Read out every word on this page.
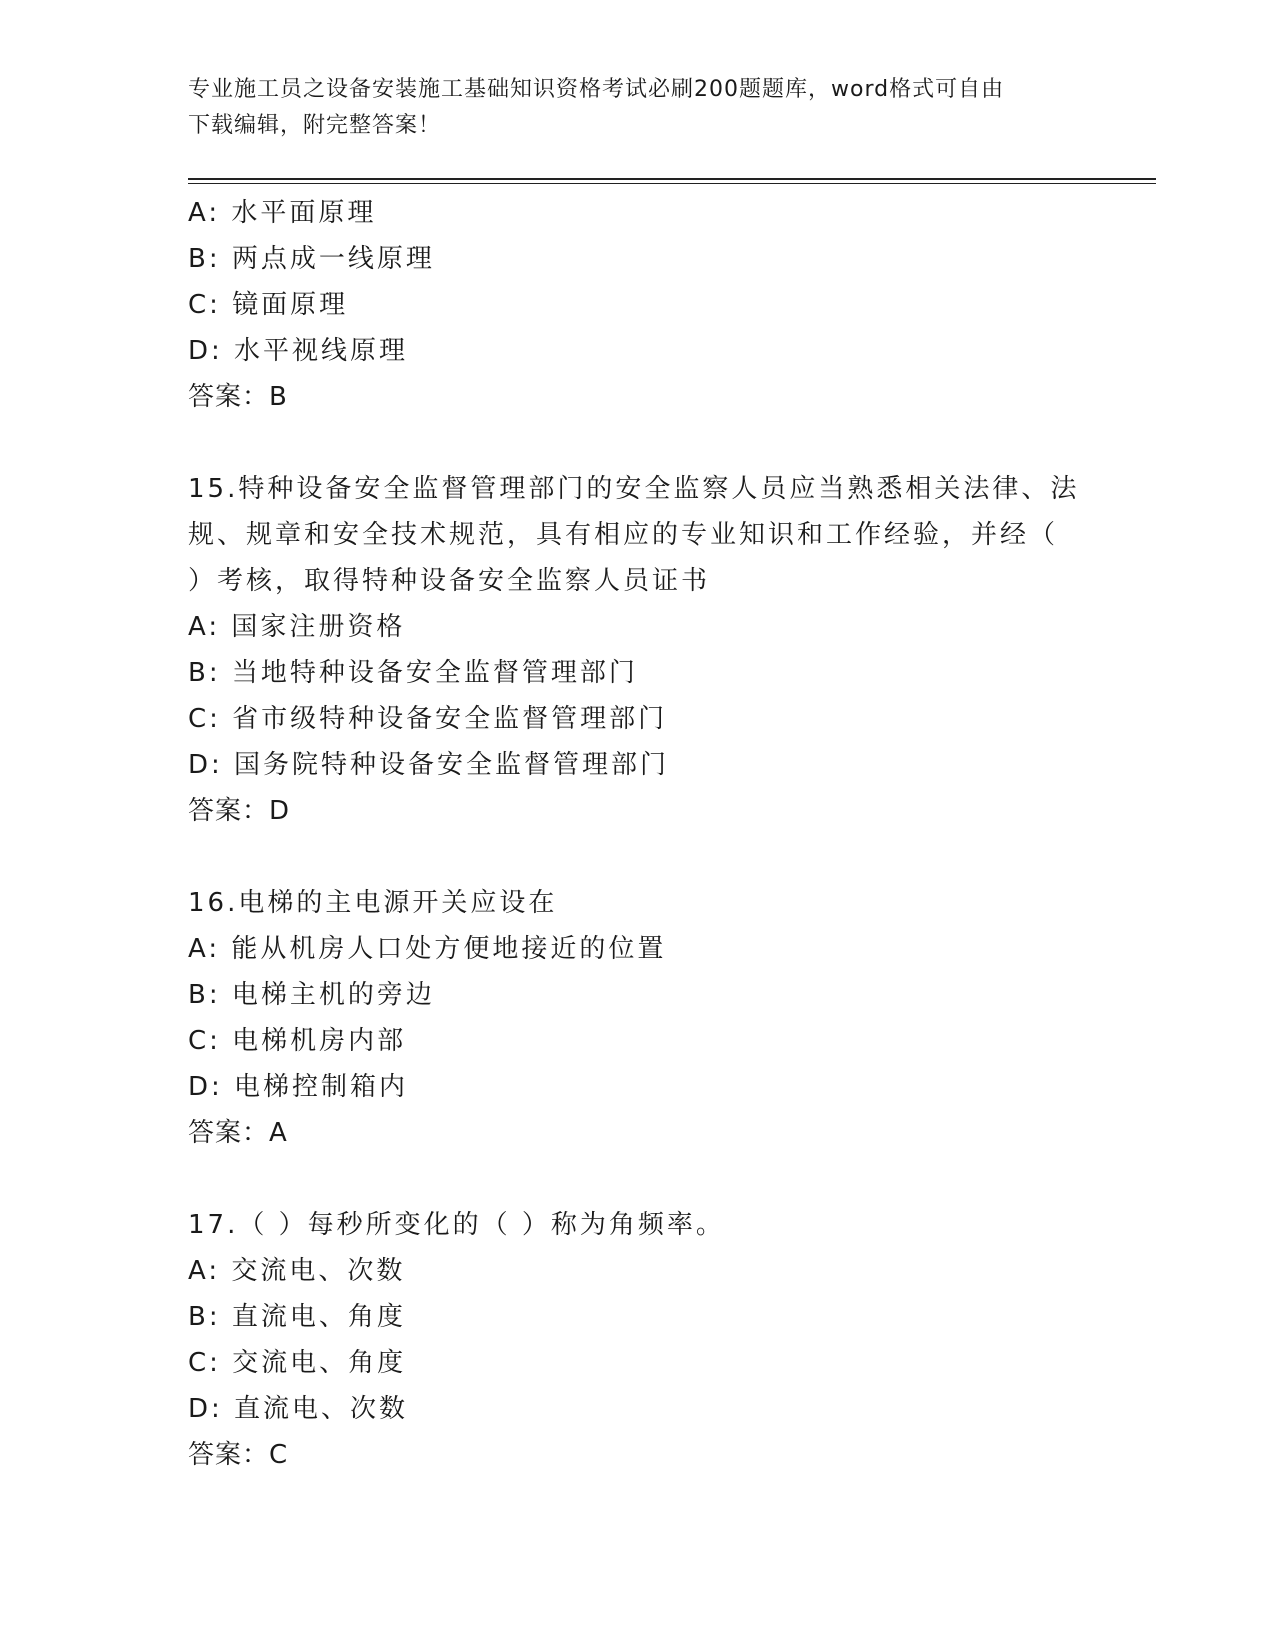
专业施工员之设备安装施工基础知识资格考试必刷200题题库，word格式可自由
下载编辑，附完整答案！
A: 水平面原理
B: 两点成一线原理
C: 镜面原理
D: 水平视线原理
答案：B
15.特种设备安全监督管理部门的安全监察人员应当熟悉相关法律、法
规、规章和安全技术规范，具有相应的专业知识和工作经验，并经（
）考核，取得特种设备安全监察人员证书
A: 国家注册资格
B: 当地特种设备安全监督管理部门
C: 省市级特种设备安全监督管理部门
D: 国务院特种设备安全监督管理部门
答案：D
16.电梯的主电源开关应设在
A: 能从机房人口处方便地接近的位置
B: 电梯主机的旁边
C: 电梯机房内部
D: 电梯控制箱内
答案：A
17.（ ）每秒所变化的（ ）称为角频率。
A: 交流电、次数
B: 直流电、角度
C: 交流电、角度
D: 直流电、次数
答案：C
